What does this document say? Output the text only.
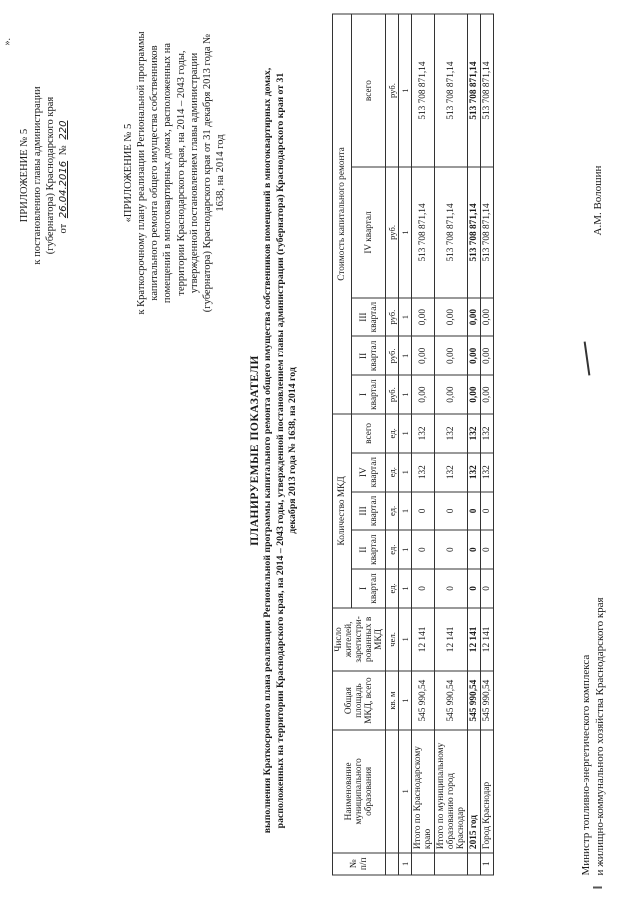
».
ПРИЛОЖЕНИЕ № 5 к постановлению главы администрации (губернатора) Краснодарского края от 26.04.2016 № 220	«ПРИЛОЖЕНИЕ № 5 к Краткосрочному плану реализации Региональной программы капитального ремонта общего имущества собственников помещений в многоквартирных домах, расположенных на территории Краснодарского края, на 2014 – 2043 годы, утвержденной постановлением главы администрации (губернатора) Краснодарского края от 31 декабря 2013 года № 1638, на 2014 год
ПЛАНИРУЕМЫЕ ПОКАЗАТЕЛИ выполнения Краткосрочного плана реализации Региональной программы капитального ремонта общего имущества собственников помещений в многоквартирных домах, расположенных на территории Краснодарского края, на 2014 – 2043 годы, утвержденной постановлением главы администрации (губернатора) Краснодарского края от 31 декабря 2013 года № 1638, на 2014 год
№ п/п	Наименование муниципального образования	Общая площадь МКД, всего	Число жителей, зарегистри-рованных в МКД	Количество МКД					Стоимость капитального ремонта				
				I квартал	II квартал	III квартал	IV квартал	всего	I квартал	II квартал	III квартал	IV квартал	всего
		кв. м	чел.	ед.	ед.	ед.	ед.	ед.	руб.	руб.	руб.	руб.	руб.
1	1	1	1	1	1	1	1	1	1	1	1	1	1
	Итого по Краснодарскому краю	545 990,54	12 141	0	0	0	132	132	0,00	0,00	0,00	513 708 871,14	513 708 871,14
	Итого по муниципальному образованию город Краснодар	545 990,54	12 141	0	0	0	132	132	0,00	0,00	0,00	513 708 871,14	513 708 871,14
	2015 год	545 990,54	12 141	0	0	0	132	132	0,00	0,00	0,00	513 708 871,14	513 708 871,14
1	Город Краснодар	545 990,54	12 141	0	0	0	132	132	0,00	0,00	0,00	513 708 871,14	513 708 871,14
Министр топливно-энергетического комплекса и жилищно-коммунального хозяйства Краснодарского края
А.М. Волошин
